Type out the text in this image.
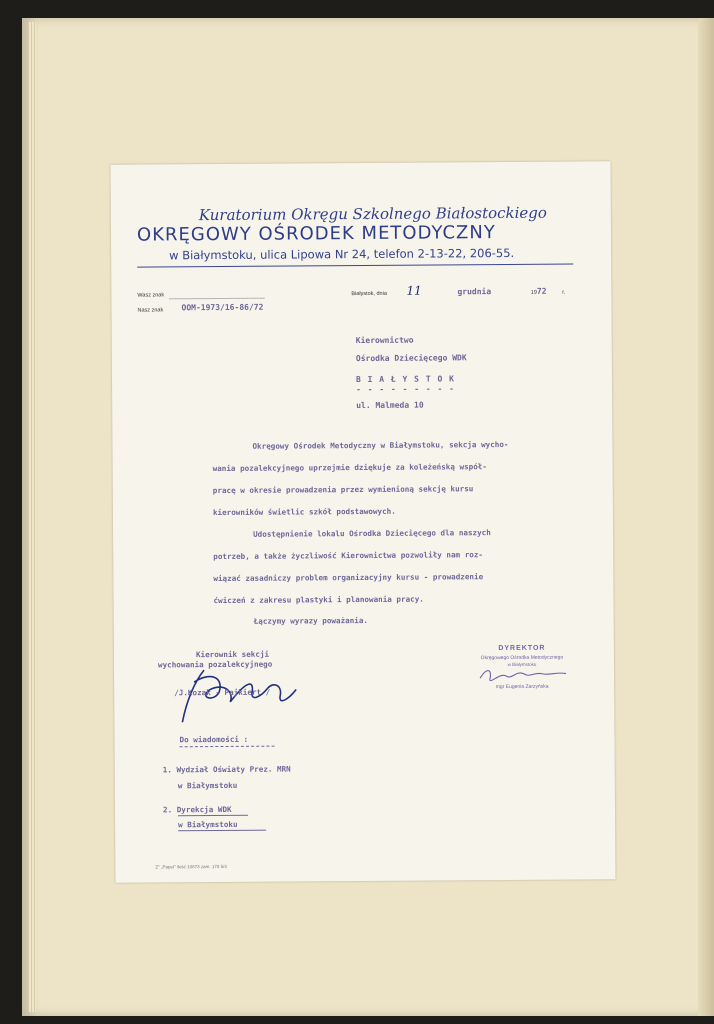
Kuratorium Okręgu Szkolnego Białostockiego
OKRĘGOWY OŚRODEK METODYCZNY
w Białymstoku, ulica Lipowa Nr 24, telefon 2-13-22, 206-55.
Wasz znak
Nasz znak OOM-1973/16-86/72
Białystok, dnia 11	grudnia	1972	r.
Kierownictwo
Ośrodka Dziecięcego WDK
B I A Ł Y S T O K
- - - - - - - - -
ul. Malmeda 10
Okręgowy Ośrodek Metodyczny w Białymstoku, sekcja wycho-
wania pozalekcyjnego uprzejmie dziękuje za koleżeńską współ-
pracę w okresie prowadzenia przez wymienioną sekcję kursu
kierowników świetlic szkół podstawowych.
Udostępnienie lokalu Ośrodka Dziecięcego dla naszych
potrzeb, a także życzliwość Kierownictwa pozwoliły nam roz-
wiązać zasadniczy problem organizacyjny kursu - prowadzenie
ćwiczeń z zakresu plastyki i planowania pracy.
Łączymy wyrazy poważania.
Kierownik sekcji
wychowania pozalekcyjnego
/J.Kozak - Pajkiert /
DYREKTOR
Okręgowego Ośrodka Metodycznego
w Białymstoku
mgr Eugenia Zarzyńska
Do wiadomości :
1. Wydział Oświaty Prez. MRN
w Białymstoku
2. Dyrekcja WDK
w Białymstoku
Z" „Papel" ilość 10873 zam. 178 5/4
